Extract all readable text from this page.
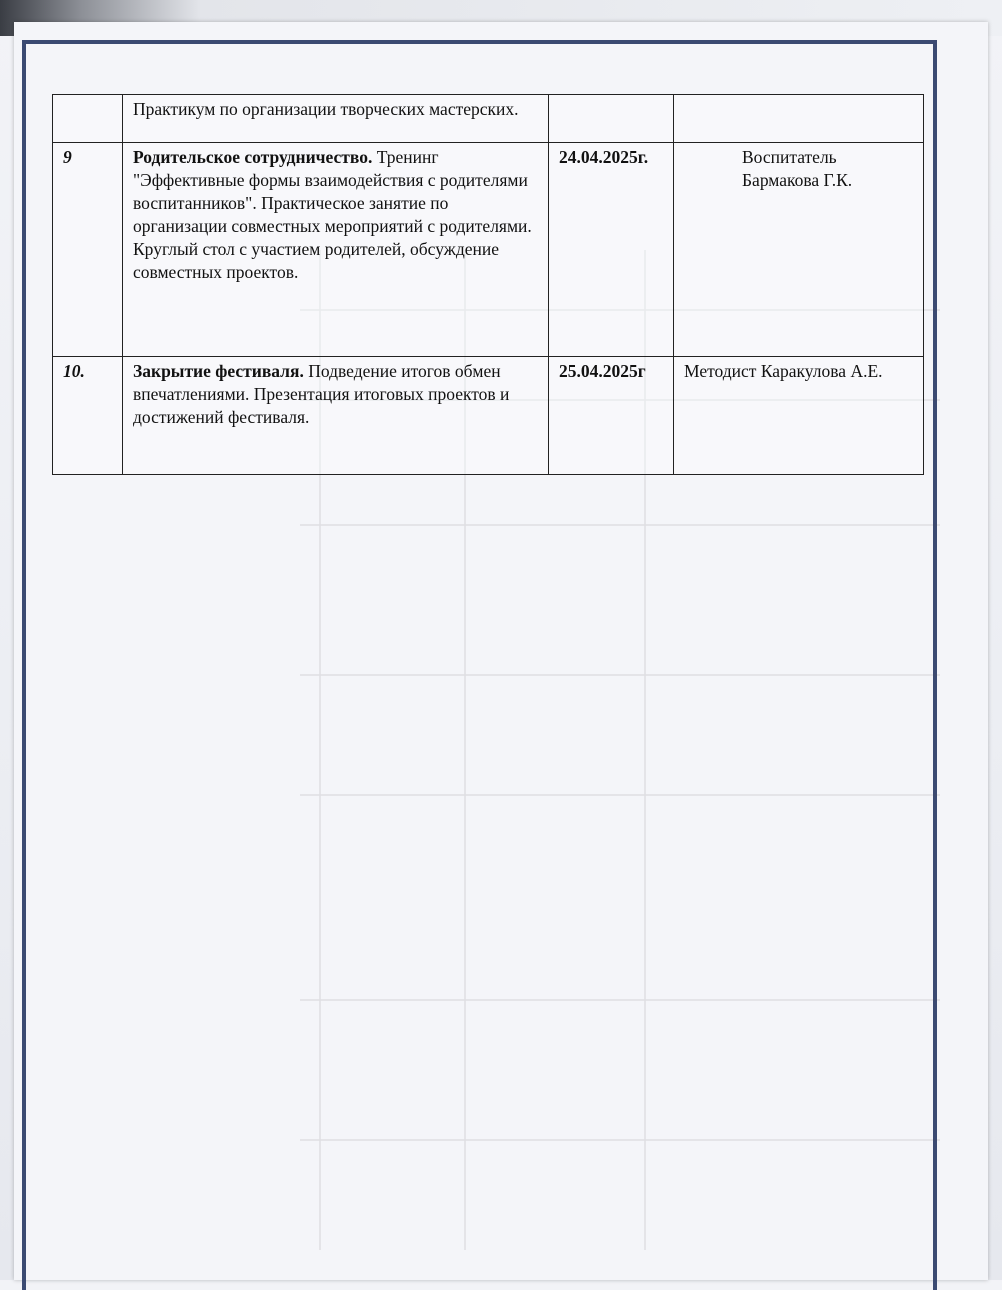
	Практикум по организации творческих мастерских.		
9	Родительское сотрудничество. Тренинг "Эффективные формы взаимодействия с родителями воспитанников". Практическое занятие по организации совместных мероприятий с родителями. Круглый стол с участием родителей, обсуждение совместных проектов.	24.04.2025г.	Воспитатель Бармакова Г.К.
10.	Закрытие фестиваля. Подведение итогов обмен впечатлениями. Презентация итоговых проектов и достижений фестиваля.	25.04.2025г	Методист Каракулова А.Е.
